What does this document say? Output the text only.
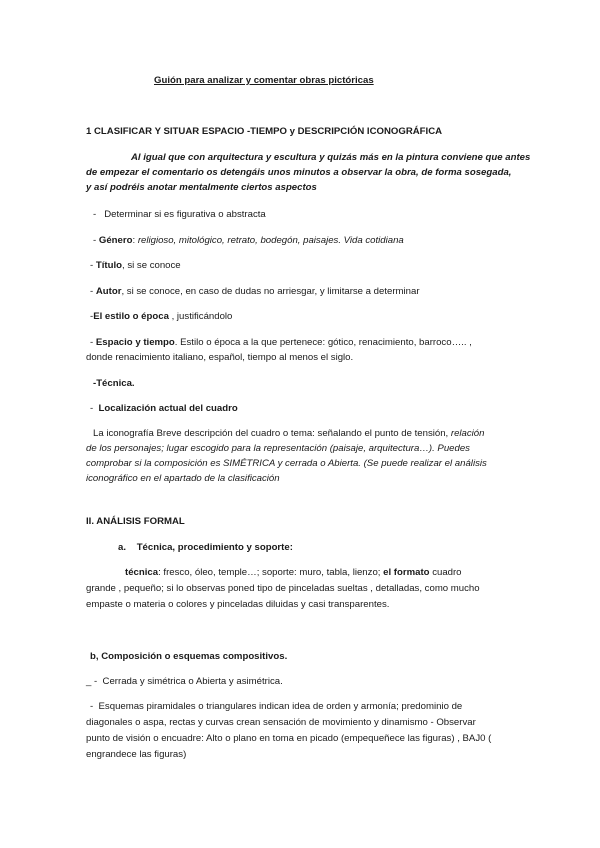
Guión para analizar y comentar obras pictóricas
1 CLASIFICAR Y SITUAR ESPACIO -TIEMPO y DESCRIPCIÓN ICONOGRÁFICA
Al igual que con arquitectura y escultura y quizás más en la pintura conviene que antes
de empezar el comentario os detengáis unos minutos a observar la obra, de forma sosegada,
y así podréis anotar mentalmente ciertos aspectos
-   Determinar si es figurativa o abstracta
- Género: religioso, mitológico, retrato, bodegón, paisajes. Vida cotidiana
- Título, si se conoce
- Autor, si se conoce, en caso de dudas no arriesgar, y limitarse a determinar
-El estilo o época , justificándolo
- Espacio y tiempo. Estilo o época a la que pertenece: gótico, renacimiento, barroco….. ,
donde renacimiento italiano, español, tiempo al menos el siglo.
-Técnica.
-  Localización actual del cuadro
La iconografía Breve descripción del cuadro o tema: señalando el punto de tensión, relación
de los personajes; lugar escogido para la representación (paisaje, arquitectura…). Puedes
comprobar si la composición es SIMÉTRICA y cerrada o Abierta. (Se puede realizar el análisis
iconográfico en el apartado de la clasificación
II. ANÁLISIS FORMAL
a. Técnica, procedimiento y soporte:
técnica: fresco, óleo, temple…; soporte: muro, tabla, lienzo; el formato cuadro
grande , pequeño; si lo observas poned tipo de pinceladas sueltas , detalladas, como mucho
empaste o materia o colores y pinceladas diluidas y casi transparentes.
b, Composición o esquemas compositivos.
_ - Cerrada y simétrica o Abierta y asimétrica.
-  Esquemas piramidales o triangulares indican idea de orden y armonía; predominio de
diagonales o aspa, rectas y curvas crean sensación de movimiento y dinamismo - Observar
punto de visión o encuadre: Alto o plano en toma en picado (empequeñece las figuras) , BAJ0 (
engrandece las figuras)
